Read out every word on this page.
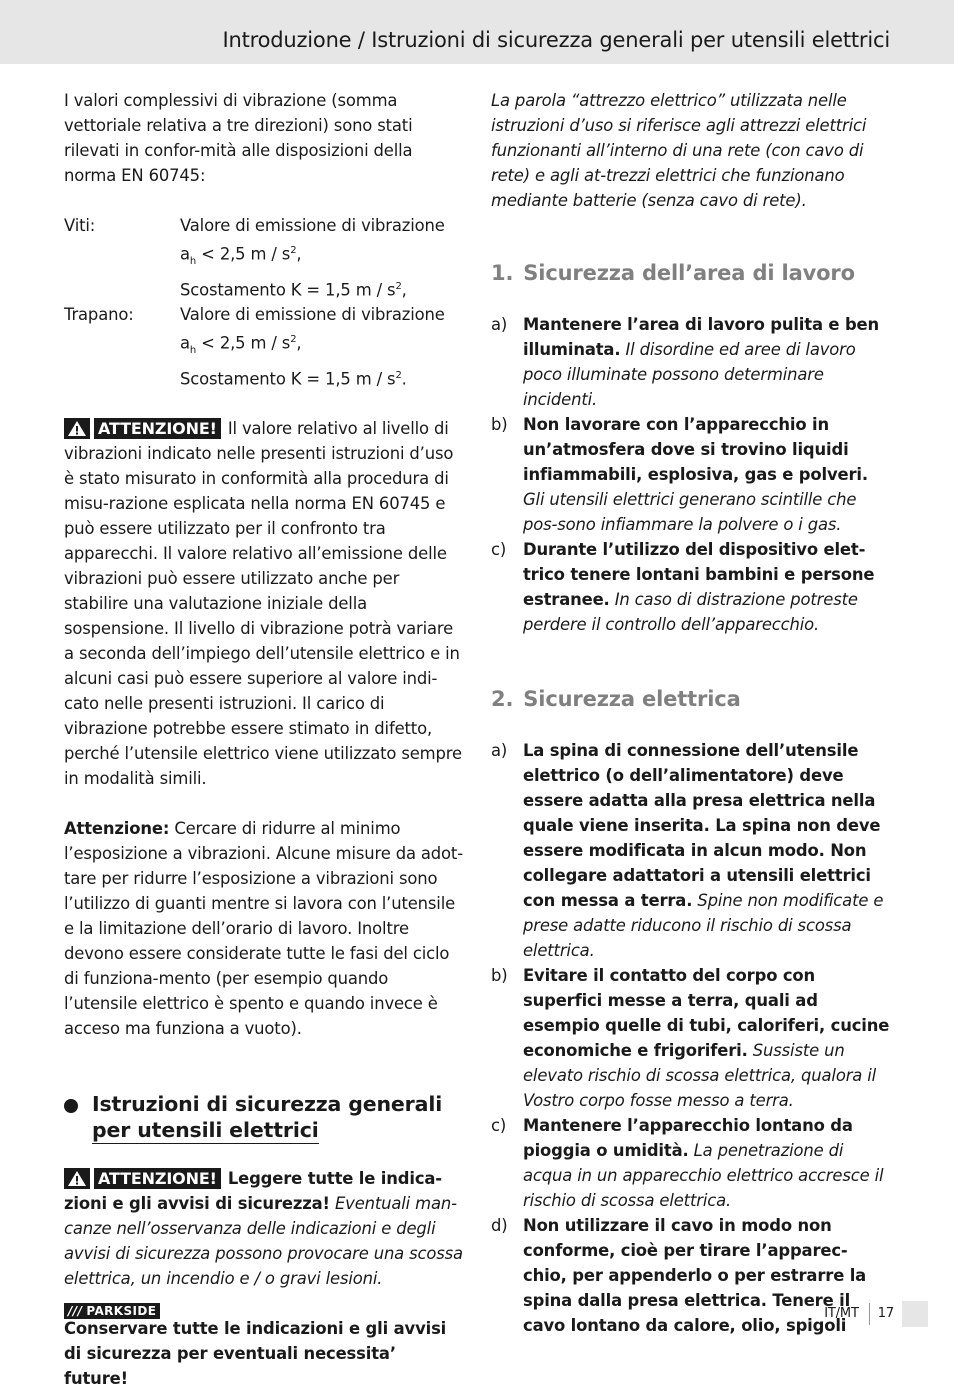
Introduzione / Istruzioni di sicurezza generali per utensili elettrici

I valori complessivi di vibrazione (somma vettoriale relativa a tre direzioni) sono stati rilevati in confor-mità alle disposizioni della norma EN 60745:

Viti:	Valore di emissione di vibrazione
$a_h < 2,5$ m / $s^2$,
Scostamento K = 1,5 m / $s^2$,
Trapano:	Valore di emissione di vibrazione
$a_h < 2,5$ m / $s^2$,
Scostamento K = 1,5 m / $s^2$.

ATTENZIONE! Il valore relativo al livello di vibrazioni indicato nelle presenti istruzioni d’uso è stato misurato in conformità alla procedura di misu-razione esplicata nella norma EN 60745 e può essere utilizzato per il confronto tra apparecchi. Il valore relativo all’emissione delle vibrazioni può essere utilizzato anche per stabilire una valutazione iniziale della sospensione. Il livello di vibrazione potrà variare a seconda dell’impiego dell’utensile elettrico e in alcuni casi può essere superiore al valore indi-cato nelle presenti istruzioni. Il carico di vibrazione potrebbe essere stimato in difetto, perché l’utensile elettrico viene utilizzato sempre in modalità simili.

Attenzione: Cercare di ridurre al minimo l’esposizione a vibrazioni. Alcune misure da adot-tare per ridurre l’esposizione a vibrazioni sono l’utilizzo di guanti mentre si lavora con l’utensile e la limitazione dell’orario di lavoro. Inoltre devono essere considerate tutte le fasi del ciclo di funziona-mento (per esempio quando l’utensile elettrico è spento e quando invece è acceso ma funziona a vuoto).

Istruzioni di sicurezza generali
per utensili elettrici

ATTENZIONE! Leggere tutte le indica-zioni e gli avvisi di sicurezza! Eventuali man-canze nell’osservanza delle indicazioni e degli avvisi di sicurezza possono provocare una scossa elettrica, un incendio e / o gravi lesioni.

Conservare tutte le indicazioni e gli avvisi di sicurezza per eventuali necessita’ future!

La parola “attrezzo elettrico” utilizzata nelle istruzioni d’uso si riferisce agli attrezzi elettrici funzionanti all’interno di una rete (con cavo di rete) e agli at-trezzi elettrici che funzionano mediante batterie (senza cavo di rete).

1. Sicurezza dell’area di lavoro
a) Mantenere l’area di lavoro pulita e ben illuminata. Il disordine ed aree di lavoro poco illuminate possono determinare incidenti.
b) Non lavorare con l’apparecchio in un’atmosfera dove si trovino liquidi infiammabili, esplosiva, gas e polveri. Gli utensili elettrici generano scintille che pos-sono infiammare la polvere o i gas.
c)	Durante l’utilizzo del dispositivo elet-trico tenere lontani bambini e persone estranee. In caso di distrazione potreste perdere il controllo dell’apparecchio.
2. Sicurezza elettrica
a) La spina di connessione dell’utensile elettrico (o dell’alimentatore) deve essere adatta alla presa elettrica nella quale viene inserita. La spina non deve essere modificata in alcun modo. Non collegare adattatori a utensili elettrici con messa a terra. Spine non modificate e prese adatte riducono il rischio di scossa elettrica.
b) Evitare il contatto del corpo con superfici messe a terra, quali ad esempio quelle di tubi, caloriferi, cucine economiche e frigoriferi. Sussiste un elevato rischio di scossa elettrica, qualora il Vostro corpo fosse messo a terra.
c)	Mantenere l’apparecchio lontano da pioggia o umidità. La penetrazione di acqua in un apparecchio elettrico accresce il rischio di scossa elettrica.
d) Non utilizzare il cavo in modo non conforme, cioè per tirare l’apparec-chio, per appenderlo o per estrarre la spina dalla presa elettrica. Tenere il cavo lontano da calore, olio, spigoli
/// PARKSIDE	IT/MT	17
